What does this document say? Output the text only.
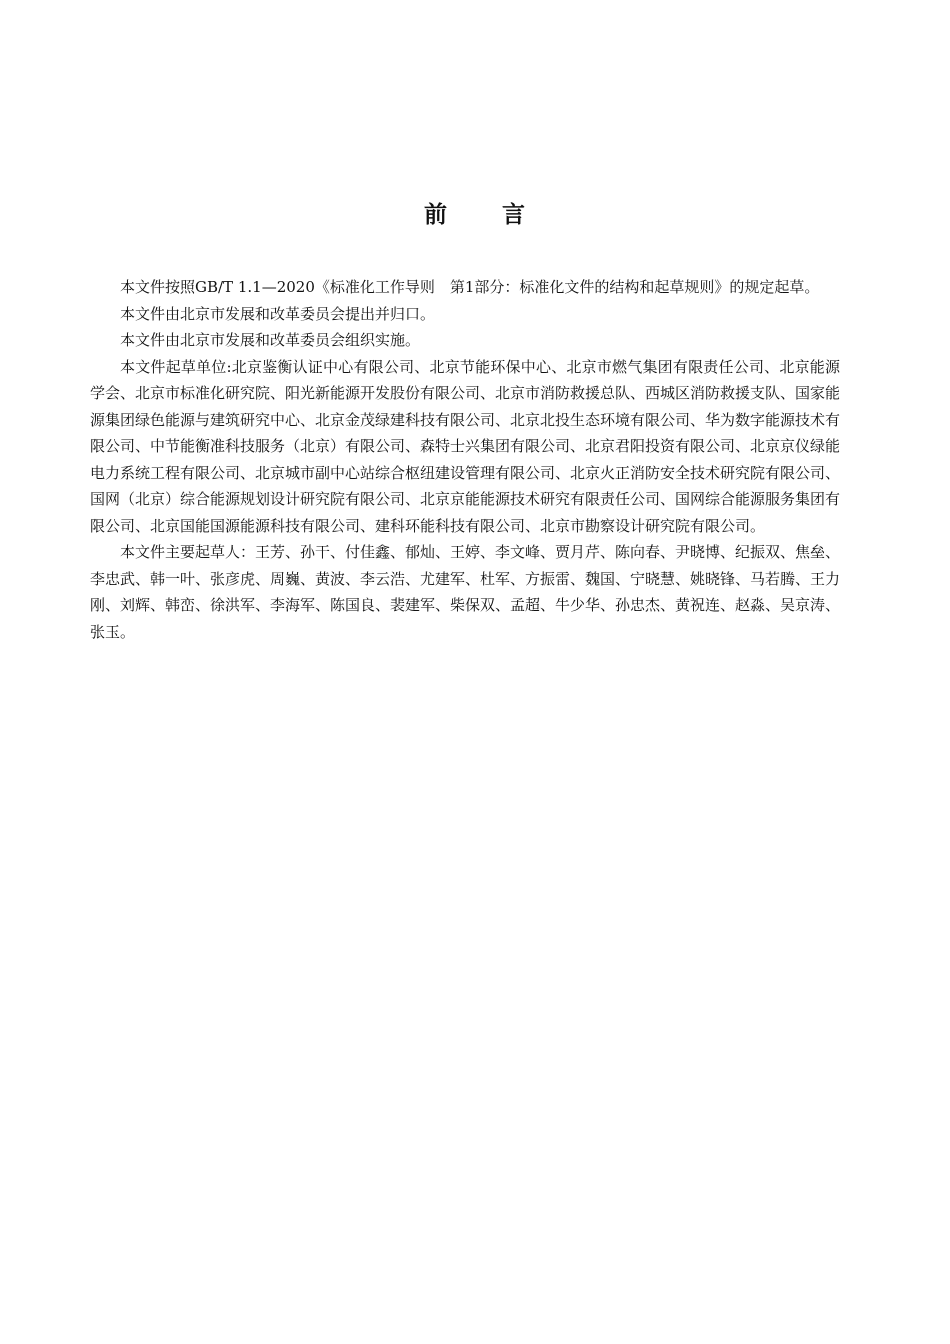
前      言

本文件按照GB/T 1.1—2020《标准化工作导则　第1部分：标准化文件的结构和起草规则》的规定起草。

本文件由北京市发展和改革委员会提出并归口。

本文件由北京市发展和改革委员会组织实施。

本文件起草单位:北京鉴衡认证中心有限公司、北京节能环保中心、北京市燃气集团有限责任公司、北京能源学会、北京市标准化研究院、阳光新能源开发股份有限公司、北京市消防救援总队、西城区消防救援支队、国家能源集团绿色能源与建筑研究中心、北京金茂绿建科技有限公司、北京北投生态环境有限公司、华为数字能源技术有限公司、中节能衡准科技服务（北京）有限公司、森特士兴集团有限公司、北京君阳投资有限公司、北京京仪绿能电力系统工程有限公司、北京城市副中心站综合枢纽建设管理有限公司、北京火正消防安全技术研究院有限公司、国网（北京）综合能源规划设计研究院有限公司、北京京能能源技术研究有限责任公司、国网综合能源服务集团有限公司、北京国能国源能源科技有限公司、建科环能科技有限公司、北京市勘察设计研究院有限公司。

本文件主要起草人：王芳、孙干、付佳鑫、郁灿、王婷、李文峰、贾月芹、陈向春、尹晓博、纪振双、焦垒、李忠武、韩一叶、张彦虎、周巍、黄波、李云浩、尤建军、杜军、方振雷、魏国、宁晓慧、姚晓锋、马若腾、王力刚、刘辉、韩峦、徐洪军、李海军、陈国良、裴建军、柴保双、孟超、牛少华、孙忠杰、黄祝连、赵淼、吴京涛、张玉。
